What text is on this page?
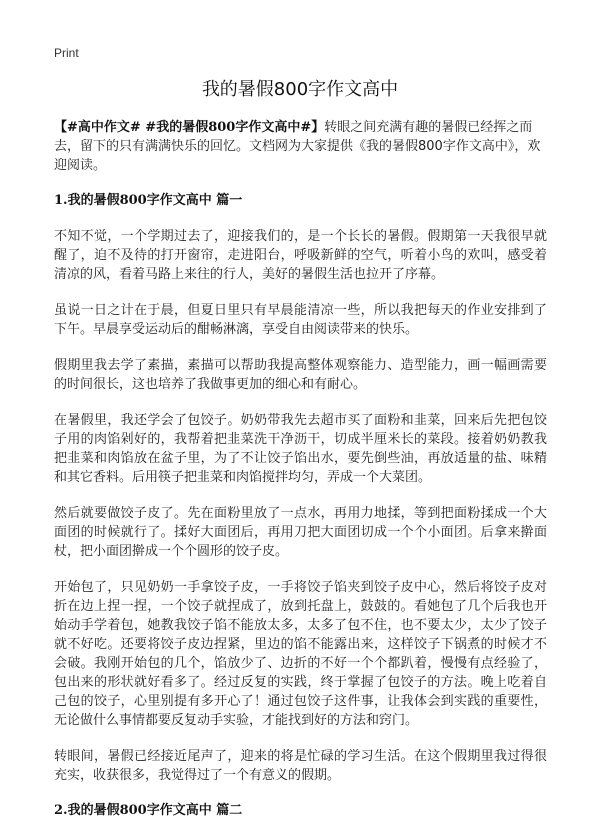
Print
我的暑假800字作文高中

【#高中作文# #我的暑假800字作文高中#】转眼之间充满有趣的暑假已经挥之而去，留下的只有满满快乐的回忆。文档网为大家提供《我的暑假800字作文高中》，欢迎阅读。

1.我的暑假800字作文高中 篇一

不知不觉，一个学期过去了，迎接我们的，是一个长长的暑假。假期第一天我很早就醒了，迫不及待的打开窗帘，走进阳台，呼吸新鲜的空气，听着小鸟的欢叫，感受着清凉的风，看着马路上来往的行人，美好的暑假生活也拉开了序幕。

虽说一日之计在于晨，但夏日里只有早晨能清凉一些，所以我把每天的作业安排到了下午。早晨享受运动后的酣畅淋漓，享受自由阅读带来的快乐。

假期里我去学了素描，素描可以帮助我提高整体观察能力、造型能力，画一幅画需要的时间很长，这也培养了我做事更加的细心和有耐心。

在暑假里，我还学会了包饺子。奶奶带我先去超市买了面粉和韭菜，回来后先把包饺子用的肉馅剁好的，我帮着把韭菜洗干净沥干，切成半厘米长的菜段。接着奶奶教我把韭菜和肉馅放在盆子里，为了不让饺子馅出水，要先倒些油，再放适量的盐、味精和其它香料。后用筷子把韭菜和肉馅搅拌均匀，弄成一个大菜团。

然后就要做饺子皮了。先在面粉里放了一点水，再用力地揉，等到把面粉揉成一个大面团的时候就行了。揉好大面团后，再用刀把大面团切成一个个小面团。后拿来擀面杖，把小面团擀成一个个圆形的饺子皮。

开始包了，只见奶奶一手拿饺子皮，一手将饺子馅夹到饺子皮中心，然后将饺子皮对折在边上捏一捏，一个饺子就捏成了，放到托盘上，鼓鼓的。看她包了几个后我也开始动手学着包，她教我饺子馅不能放太多，太多了包不住，也不要太少，太少了饺子就不好吃。还要将饺子皮边捏紧，里边的馅不能露出来，这样饺子下锅煮的时候才不会破。我刚开始包的几个，馅放少了、边折的不好一个个都趴着，慢慢有点经验了，包出来的形状就好看多了。经过反复的实践，终于掌握了包饺子的方法。晚上吃着自己包的饺子，心里别提有多开心了！通过包饺子这件事，让我体会到实践的重要性，无论做什么事情都要反复动手实验，才能找到好的方法和窍门。

转眼间，暑假已经接近尾声了，迎来的将是忙碌的学习生活。在这个假期里我过得很充实，收获很多，我觉得过了一个有意义的假期。

2.我的暑假800字作文高中 篇二
